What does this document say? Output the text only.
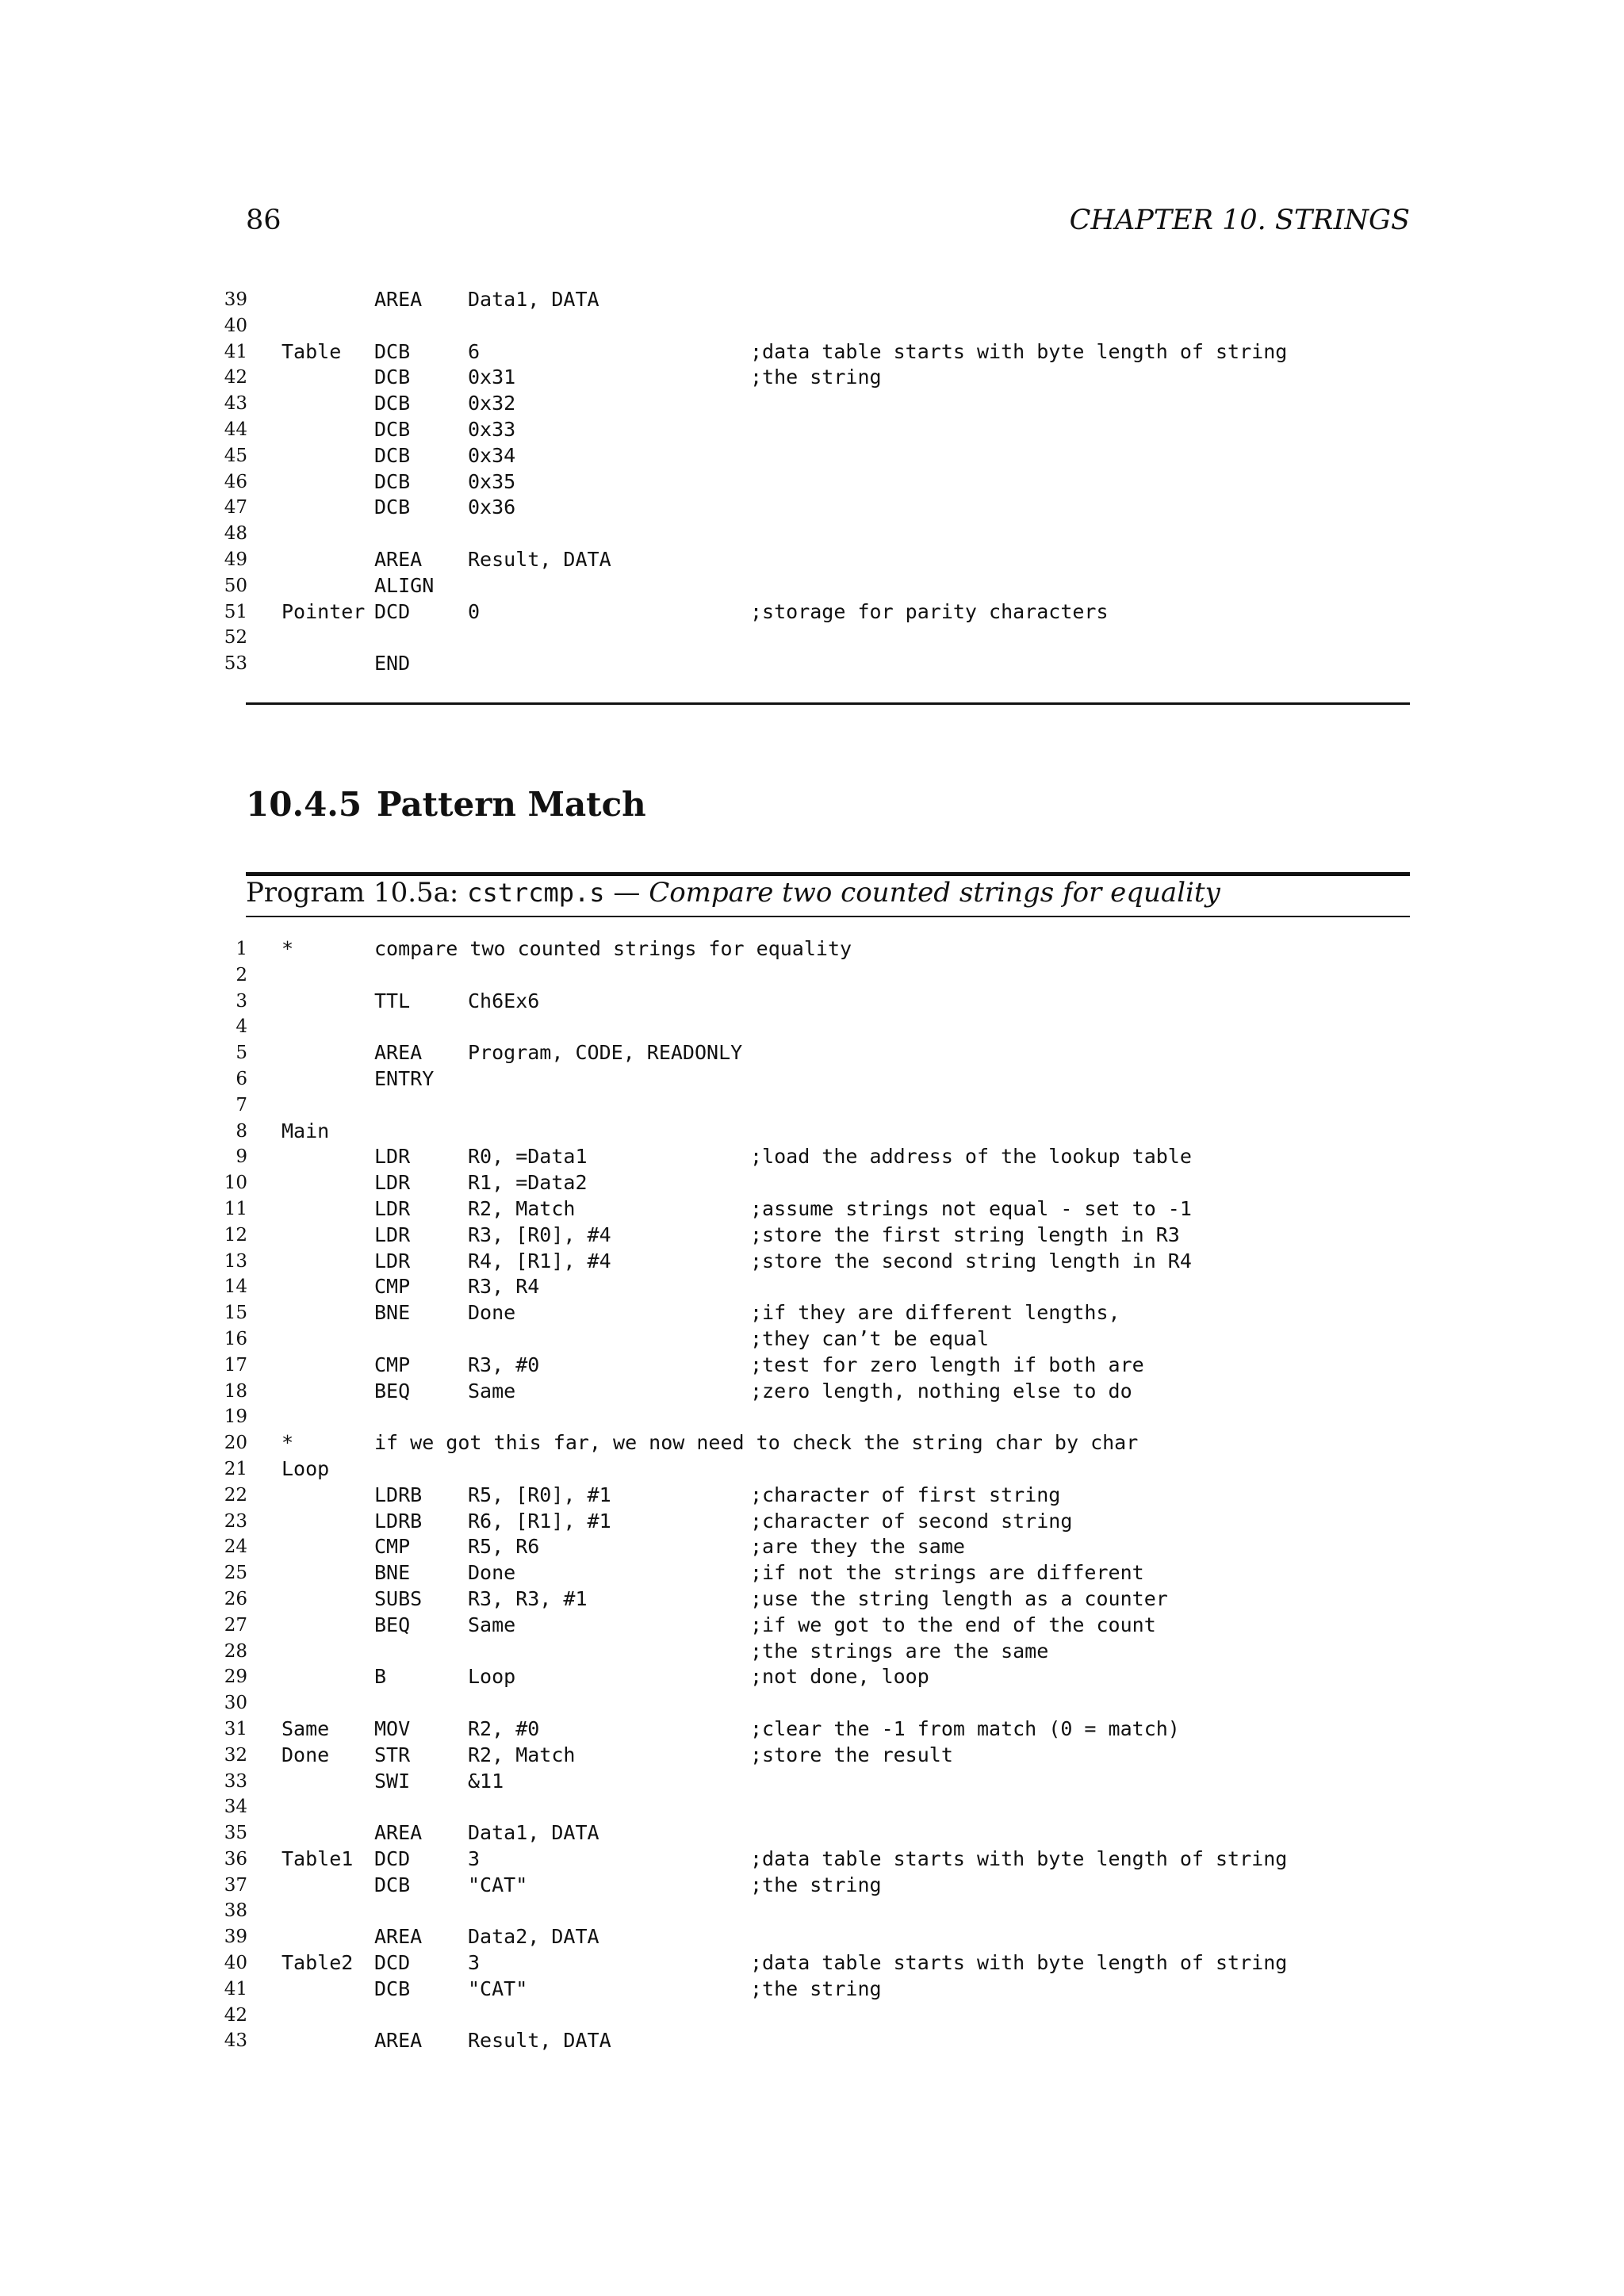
86	CHAPTER 10. STRINGS
39	AREA Data1, DATA
40
41 Table DCB	6	;data table starts with byte length of string
42	DCB	0x31	;the string
43	DCB	0x32
44	DCB	0x33
45	DCB	0x34
46	DCB	0x35
47	DCB	0x36
48
49	AREA Result, DATA
50	ALIGN
51 Pointer DCD	0	;storage for parity characters
52
53	END
10.4.5 Pattern Match
Program 10.5a: cstrcmp.s — Compare two counted strings for equality
1 *	compare two counted strings for equality
2
3	TTL	Ch6Ex6
4
5	AREA Program, CODE, READONLY
6	ENTRY
7
8 Main
9	LDR	R0, =Data1	;load the address of the lookup table
10	LDR	R1, =Data2
11	LDR	R2, Match	;assume strings not equal - set to -1
12	LDR	R3, [R0], #4	;store the first string length in R3
13	LDR	R4, [R1], #4	;store the second string length in R4
14	CMP	R3, R4
15	BNE	Done	;if they are different lengths,
16	;they can’t be equal
17	CMP	R3, #0	;test for zero length if both are
18	BEQ	Same	;zero length, nothing else to do
19
20 *	if we got this far, we now need to check the string char by char
21 Loop
22	LDRB R5, [R0], #1	;character of first string
23	LDRB R6, [R1], #1	;character of second string
24	CMP	R5, R6	;are they the same
25	BNE	Done	;if not the strings are different
26	SUBS R3, R3, #1	;use the string length as a counter
27	BEQ	Same	;if we got to the end of the count
28	;the strings are the same
29	B	Loop	;not done, loop
30
31 Same MOV	R2, #0	;clear the -1 from match (0 = match)
32 Done STR	R2, Match	;store the result
33	SWI	&11
34
35	AREA Data1, DATA
36 Table1 DCD	3	;data table starts with byte length of string
37	DCB	"CAT"	;the string
38
39	AREA Data2, DATA
40 Table2 DCD	3	;data table starts with byte length of string
41	DCB	"CAT"	;the string
42
43	AREA Result, DATA
